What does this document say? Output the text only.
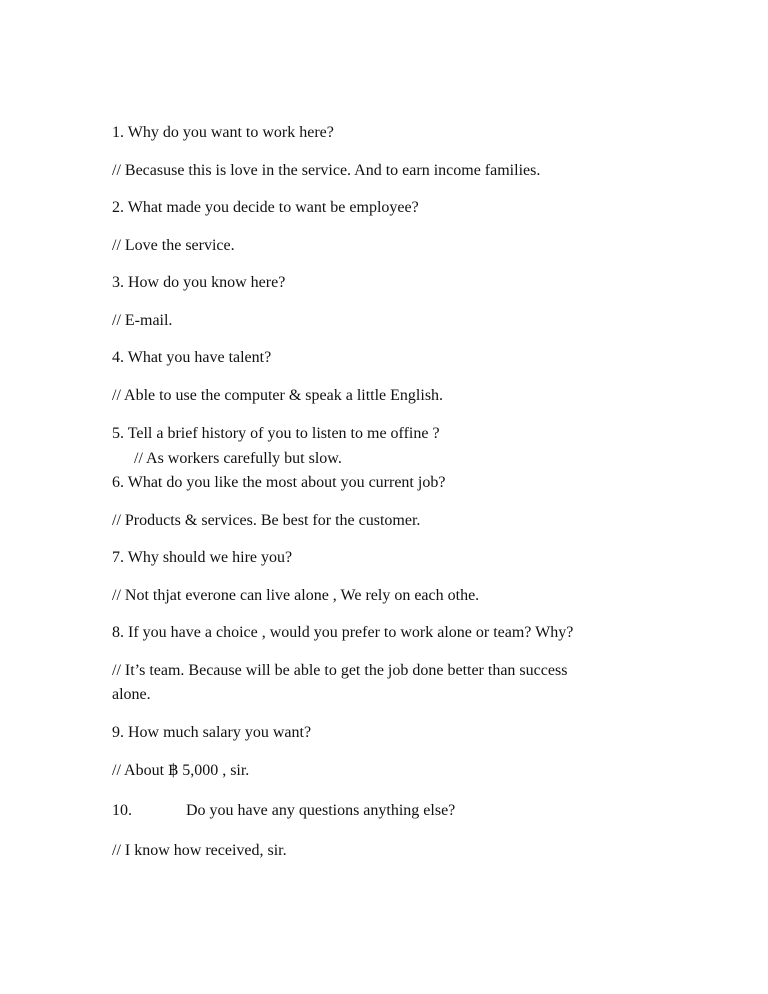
1. Why do you want to work here?
// Becasuse this is love in the service. And to earn income families.
2. What made you decide to want be employee?
// Love the service.
3. How do you know here?
// E-mail.
4. What you have talent?
// Able to use the computer & speak a little English.
5. Tell a brief history of you to listen to me offine ?
// As workers carefully but slow.
6. What do you like the most about you current job?
// Products & services. Be best for the customer.
7. Why should we hire you?
// Not thjat everone can live alone , We rely on each othe.
8. If you have a choice , would you prefer to work alone or team? Why?
// It’s team. Because will be able to get the job done better than success
alone.
9. How much salary you want?
// About ฿ 5,000 , sir.
10.	Do you have any questions anything else?
// I know how received, sir.
